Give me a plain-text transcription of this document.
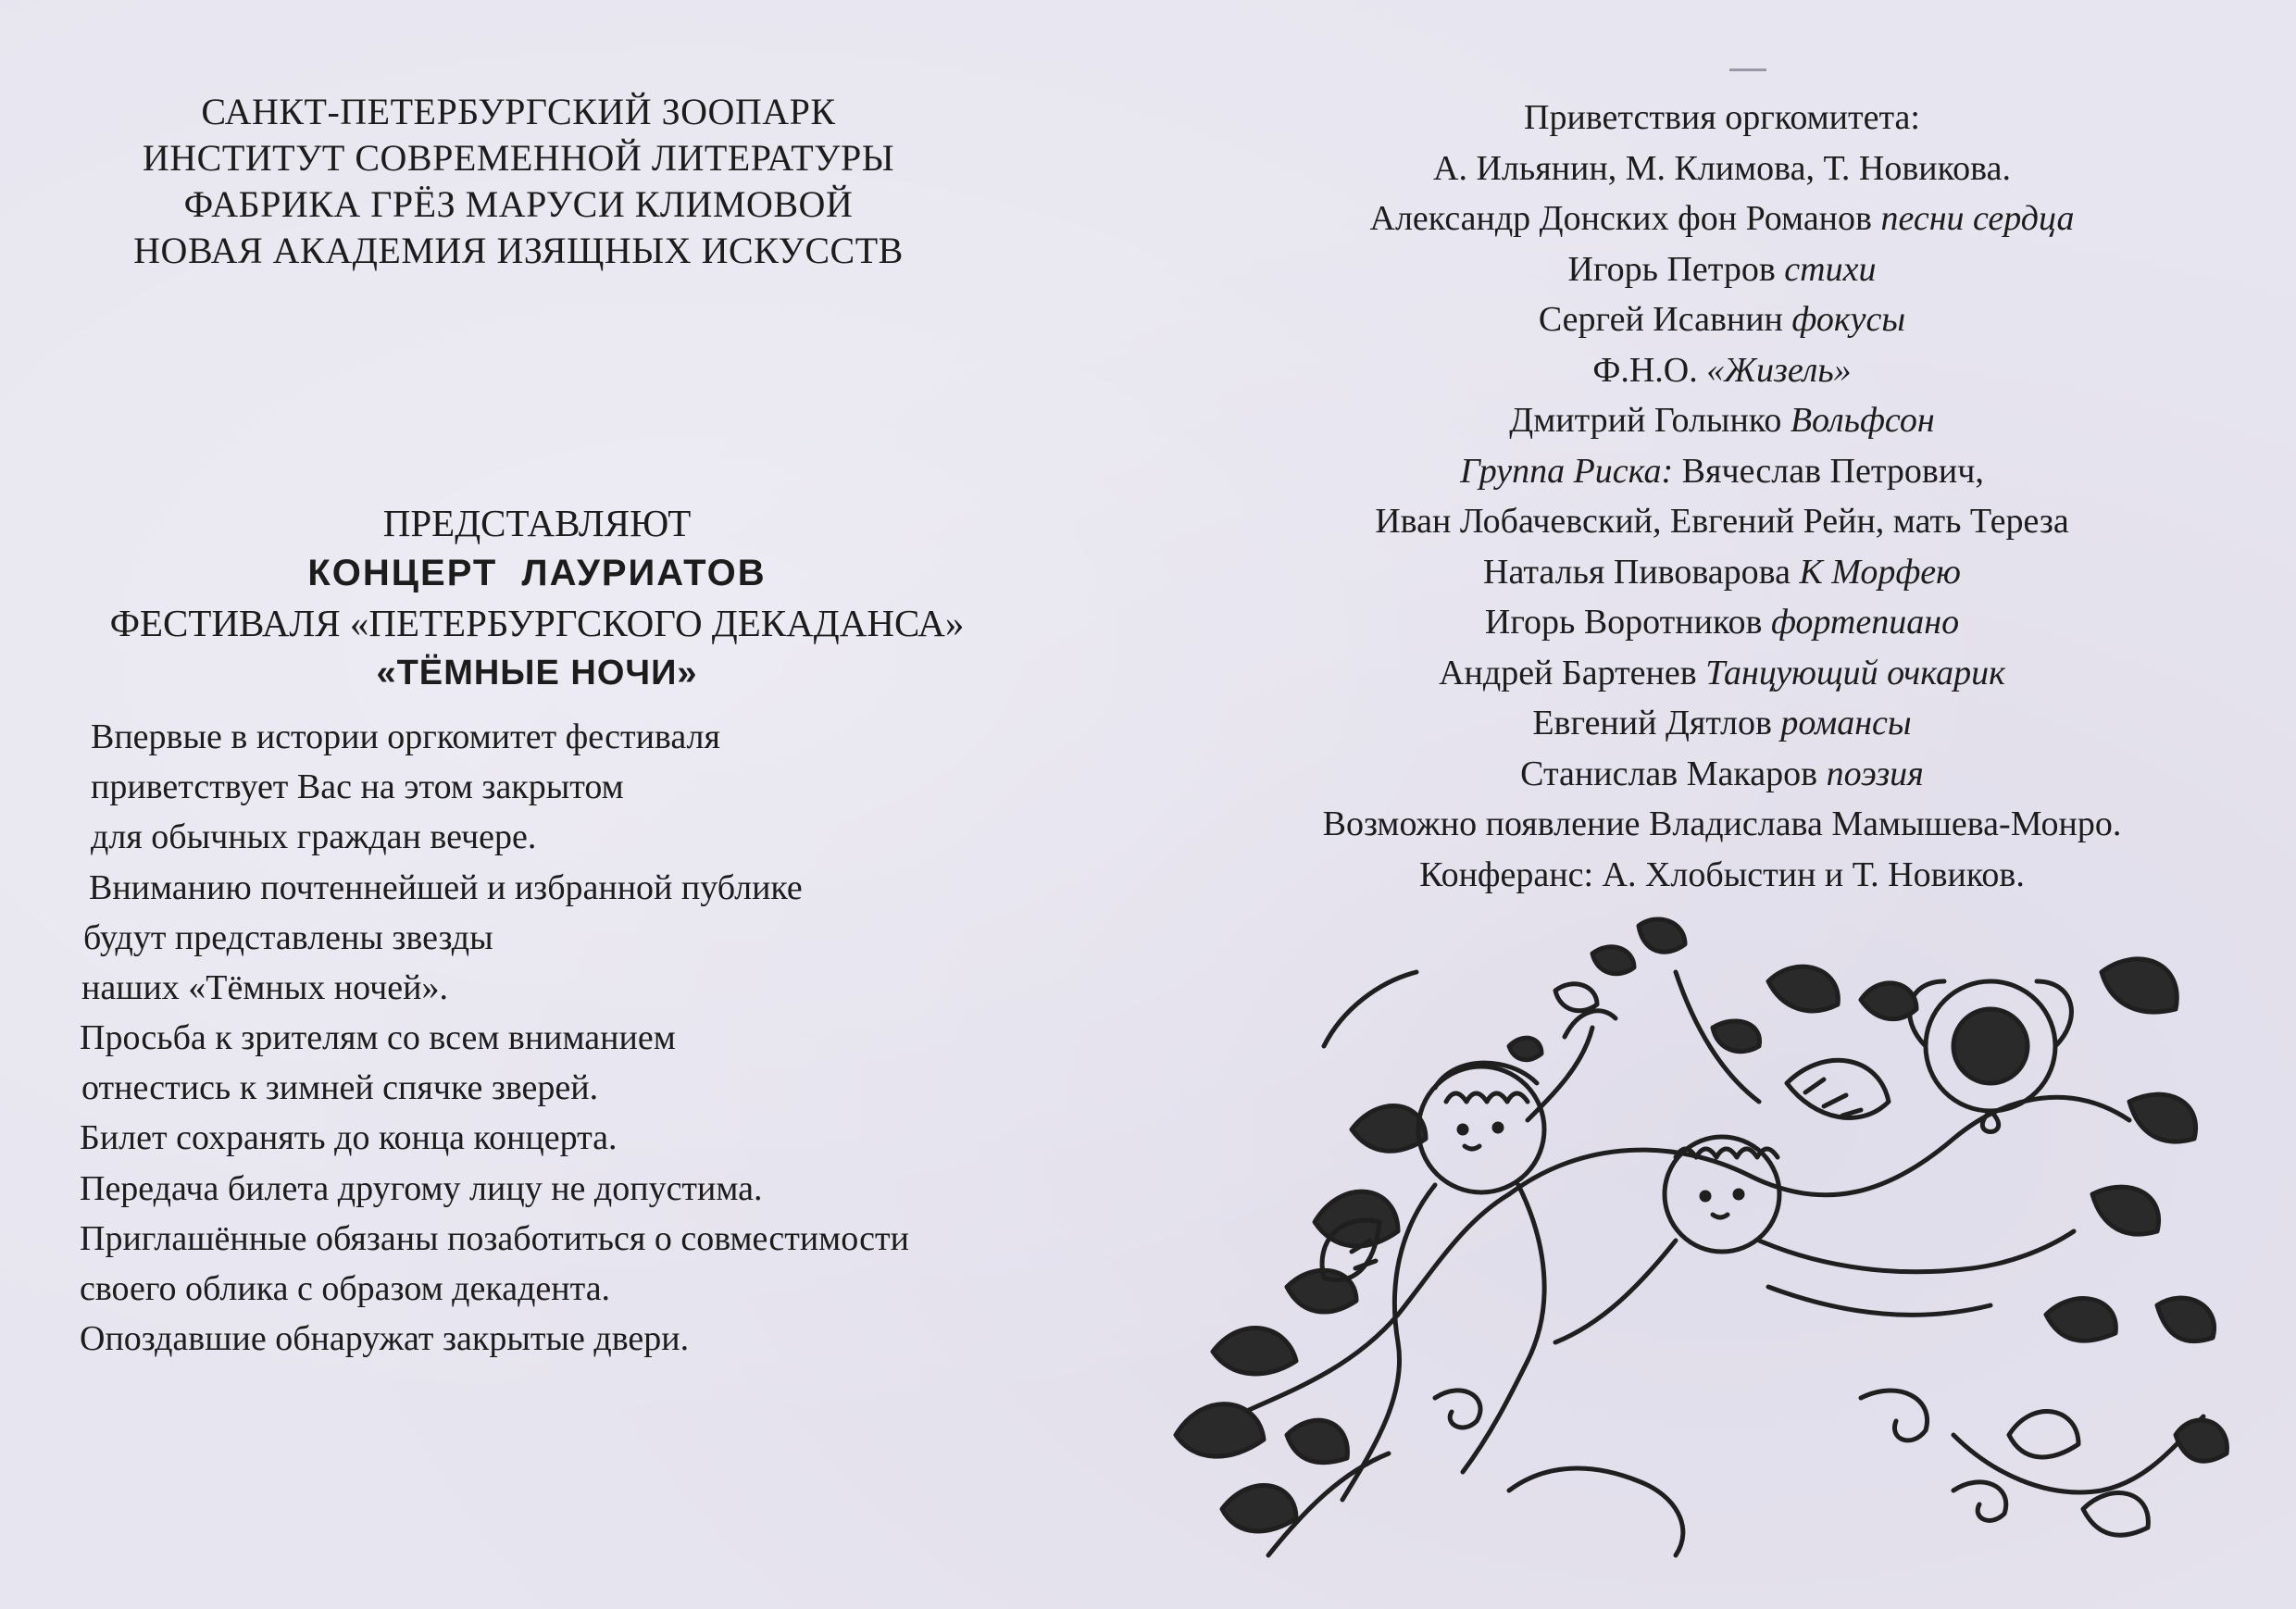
САНКТ-ПЕТЕРБУРГСКИЙ ЗООПАРК
ИНСТИТУТ СОВРЕМЕННОЙ ЛИТЕРАТУРЫ
ФАБРИКА ГРЁЗ МАРУСИ КЛИМОВОЙ
НОВАЯ АКАДЕМИЯ ИЗЯЩНЫХ ИСКУССТВ
ПРЕДСТАВЛЯЮТ
КОНЦЕРТ  ЛАУРИАТОВ
ФЕСТИВАЛЯ «ПЕТЕРБУРГСКОГО ДЕКАДАНСА»
«ТЁМНЫЕ НОЧИ»
Впервые в истории оргкомитет фестиваля
приветствует Вас на этом закрытом
для обычных граждан вечере.
Вниманию почтеннейшей и избранной публике
будут представлены звезды
наших «Тёмных ночей».
Просьба к зрителям со всем вниманием
отнестись к зимней спячке зверей.
Билет сохранять до конца концерта.
Передача билета другому лицу не допустима.
Приглашённые обязаны позаботиться о совместимости
своего облика с образом декадента.
Опоздавшие обнаружат закрытые двери.
Приветствия оргкомитета:
А. Ильянин, М. Климова, Т. Новикова.
Александр Донских фон Романов песни сердца
Игорь Петров стихи
Сергей Исавнин фокусы
Ф.Н.О. «Жизель»
Дмитрий Голынко Вольфсон
Группа Риска: Вячеслав Петрович,
Иван Лобачевский, Евгений Рейн, мать Тереза
Наталья Пивоварова К Морфею
Игорь Воротников фортепиано
Андрей Бартенев Танцующий очкарик
Евгений Дятлов романсы
Станислав Макаров поэзия
Возможно появление Владислава Мамышева-Монро.
Конферанс: А. Хлобыстин и Т. Новиков.
